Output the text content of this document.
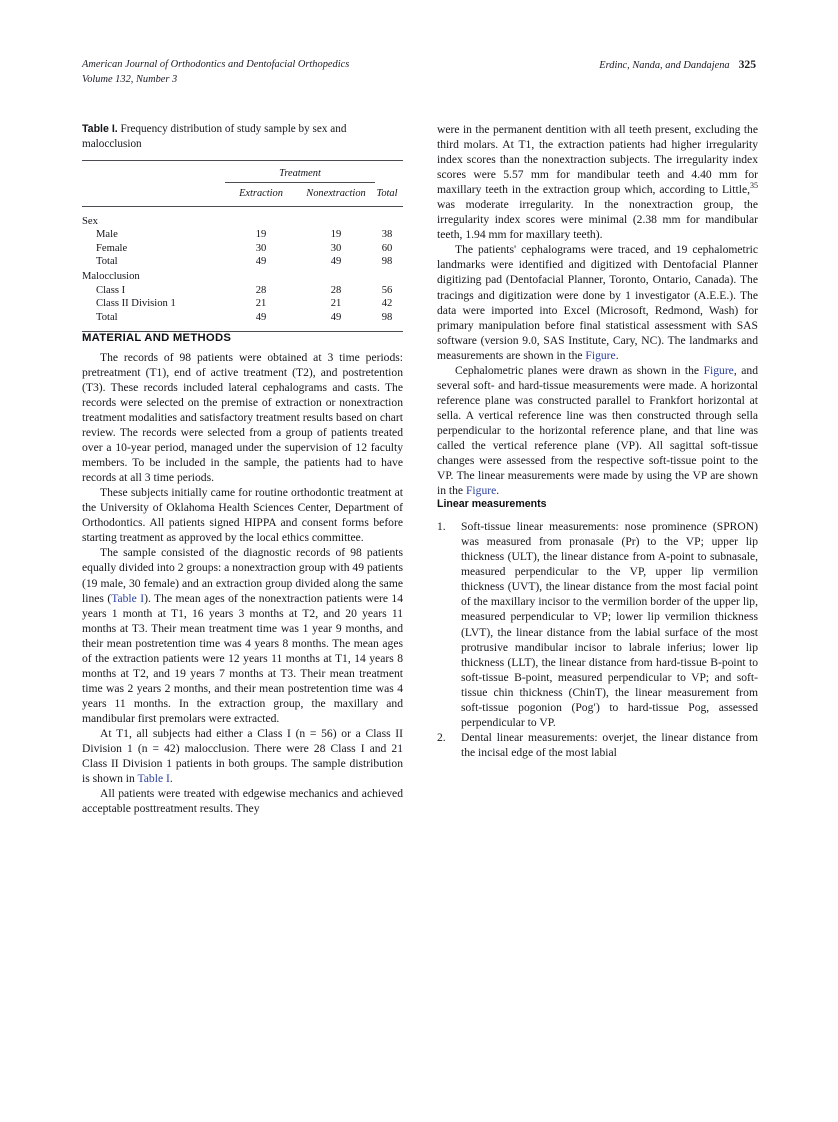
American Journal of Orthodontics and Dentofacial Orthopedics
Volume 132, Number 3
Erdinc, Nanda, and Dandajena 325
Table I. Frequency distribution of study sample by sex and malocclusion

	Treatment		

	Extraction	Nonextraction	Total

Sex			
Male	19	19	38
Female	30	30	60
Total	49	49	98
Malocclusion			
Class I	28	28	56
Class II Division 1	21	21	42
Total	49	49	98

MATERIAL AND METHODS

The records of 98 patients were obtained at 3 time periods: pretreatment (T1), end of active treatment (T2), and postretention (T3). These records included lateral cephalograms and casts. The records were selected on the premise of extraction or nonextraction treatment modalities and satisfactory treatment results based on chart review. The records were selected from a group of patients treated over a 10-year period, managed under the supervision of 12 faculty members. To be included in the sample, the patients had to have records at all 3 time periods.

These subjects initially came for routine orthodontic treatment at the University of Oklahoma Health Sciences Center, Department of Orthodontics. All patients signed HIPPA and consent forms before starting treatment as approved by the local ethics committee.

The sample consisted of the diagnostic records of 98 patients equally divided into 2 groups: a nonextraction group with 49 patients (19 male, 30 female) and an extraction group divided along the same lines (Table I). The mean ages of the nonextraction patients were 14 years 1 month at T1, 16 years 3 months at T2, and 20 years 11 months at T3. Their mean treatment time was 1 year 9 months, and their mean postretention time was 4 years 8 months. The mean ages of the extraction patients were 12 years 11 months at T1, 14 years 8 months at T2, and 19 years 7 months at T3. Their mean treatment time was 2 years 2 months, and their mean postretention time was 4 years 11 months. In the extraction group, the maxillary and mandibular first premolars were extracted.

At T1, all subjects had either a Class I (n = 56) or a Class II Division 1 (n = 42) malocclusion. There were 28 Class I and 21 Class II Division 1 patients in both groups. The sample distribution is shown in Table I.

All patients were treated with edgewise mechanics and achieved acceptable posttreatment results. They

were in the permanent dentition with all teeth present, excluding the third molars. At T1, the extraction patients had higher irregularity index scores than the nonextraction subjects. The irregularity index scores were 5.57 mm for mandibular teeth and 4.40 mm for maxillary teeth in the extraction group which, according to Little,$^{35}$ was moderate irregularity. In the nonextraction group, the irregularity index scores were minimal (2.38 mm for mandibular teeth, 1.94 mm for maxillary teeth).

The patients' cephalograms were traced, and 19 cephalometric landmarks were identified and digitized with Dentofacial Planner digitizing pad (Dentofacial Planner, Toronto, Ontario, Canada). The tracings and digitization were done by 1 investigator (A.E.E.). The data were imported into Excel (Microsoft, Redmond, Wash) for primary manipulation before final statistical assessment with SAS software (version 9.0, SAS Institute, Cary, NC). The landmarks and measurements are shown in the Figure.

Cephalometric planes were drawn as shown in the Figure, and several soft- and hard-tissue measurements were made. A horizontal reference plane was constructed parallel to Frankfort horizontal at sella. A vertical reference line was then constructed through sella perpendicular to the horizontal reference plane, and that line was called the vertical reference plane (VP). All sagittal soft-tissue changes were assessed from the respective soft-tissue point to the VP. The linear measurements were made by using the VP are shown in the Figure.

Linear measurements
1.	Soft-tissue linear measurements: nose prominence (SPRON) was measured from pronasale (Pr) to the VP; upper lip thickness (ULT), the linear distance from A-point to subnasale, measured perpendicular to the VP, upper lip vermilion thickness (UVT), the linear distance from the most facial point of the maxillary incisor to the vermilion border of the upper lip, measured perpendicular to VP; lower lip vermilion thickness (LVT), the linear distance from the labial surface of the most protrusive mandibular incisor to labrale inferius; lower lip thickness (LLT), the linear distance from hard-tissue B-point to soft-tissue B-point, measured perpendicular to VP; and soft-tissue chin thickness (ChinT), the linear measurement from soft-tissue pogonion (Pog′) to hard-tissue Pog, assessed perpendicular to VP.
2.	Dental linear measurements: overjet, the linear distance from the incisal edge of the most labial
